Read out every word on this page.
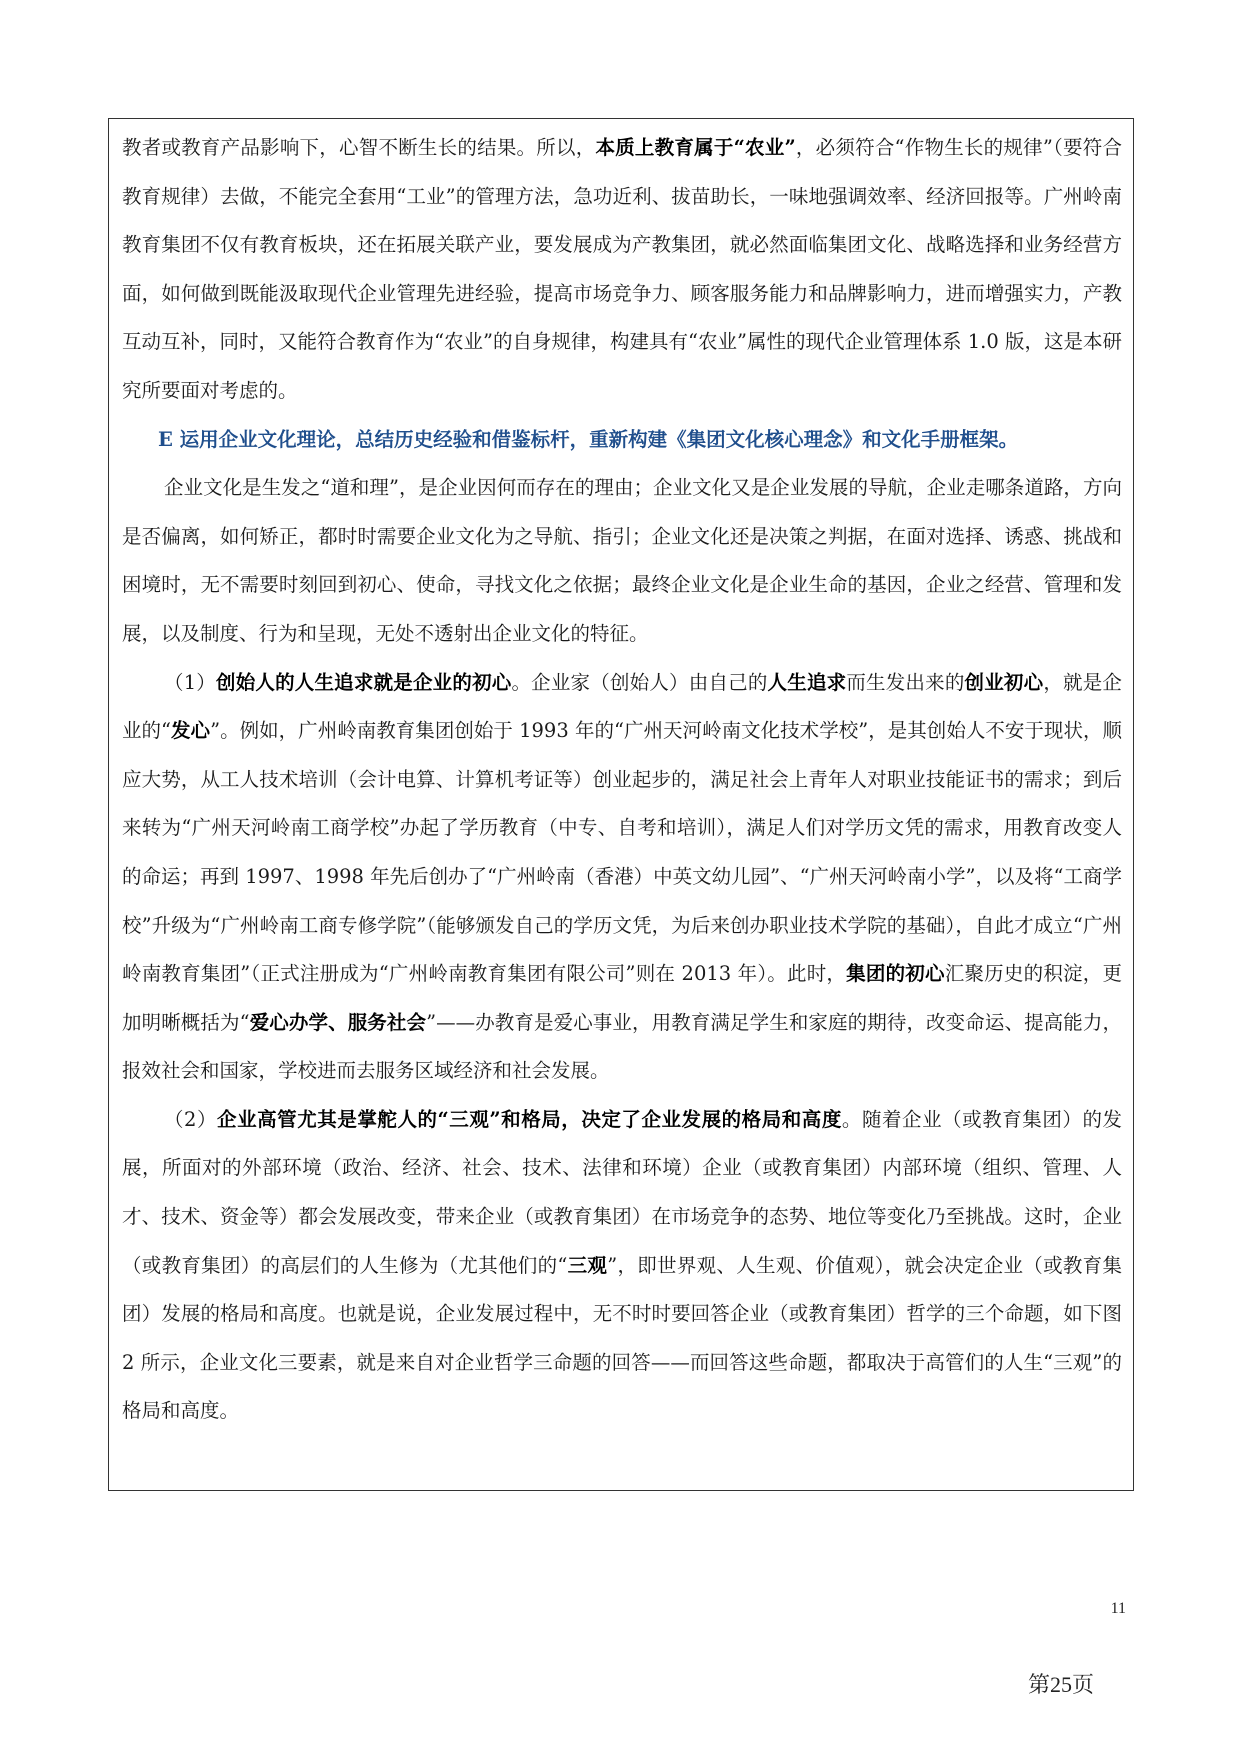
教者或教育产品影响下，心智不断生长的结果。所以，本质上教育属于“农业”，必须符合“作物生长的规律”（要符合教育规律）去做，不能完全套用“工业”的管理方法，急功近利、拔苗助长，一味地强调效率、经济回报等。广州岭南教育集团不仅有教育板块，还在拓展关联产业，要发展成为产教集团，就必然面临集团文化、战略选择和业务经营方面，如何做到既能汲取现代企业管理先进经验，提高市场竞争力、顾客服务能力和品牌影响力，进而增强实力，产教互动互补，同时，又能符合教育作为“农业”的自身规律，构建具有“农业”属性的现代企业管理体系 1.0 版，这是本研究所要面对考虑的。

E 运用企业文化理论，总结历史经验和借鉴标杆，重新构建《集团文化核心理念》和文化手册框架。

企业文化是生发之“道和理”，是企业因何而存在的理由；企业文化又是企业发展的导航，企业走哪条道路，方向是否偏离，如何矫正，都时时需要企业文化为之导航、指引；企业文化还是决策之判据，在面对选择、诱惑、挑战和困境时，无不需要时刻回到初心、使命，寻找文化之依据；最终企业文化是企业生命的基因，企业之经营、管理和发展，以及制度、行为和呈现，无处不透射出企业文化的特征。

（1）创始人的人生追求就是企业的初心。企业家（创始人）由自己的人生追求而生发出来的创业初心，就是企业的“发心”。例如，广州岭南教育集团创始于 1993 年的“广州天河岭南文化技术学校”，是其创始人不安于现状，顺应大势，从工人技术培训（会计电算、计算机考证等）创业起步的，满足社会上青年人对职业技能证书的需求；到后来转为“广州天河岭南工商学校”办起了学历教育（中专、自考和培训），满足人们对学历文凭的需求，用教育改变人的命运；再到 1997、1998 年先后创办了“广州岭南（香港）中英文幼儿园”、“广州天河岭南小学”，以及将“工商学校”升级为“广州岭南工商专修学院”（能够颁发自己的学历文凭，为后来创办职业技术学院的基础），自此才成立“广州岭南教育集团”（正式注册成为“广州岭南教育集团有限公司”则在 2013 年）。此时，集团的初心汇聚历史的积淀，更加明晰概括为“爱心办学、服务社会”——办教育是爱心事业，用教育满足学生和家庭的期待，改变命运、提高能力，报效社会和国家，学校进而去服务区域经济和社会发展。

（2）企业高管尤其是掌舵人的“三观”和格局，决定了企业发展的格局和高度。随着企业（或教育集团）的发展，所面对的外部环境（政治、经济、社会、技术、法律和环境）企业（或教育集团）内部环境（组织、管理、人才、技术、资金等）都会发展改变，带来企业（或教育集团）在市场竞争的态势、地位等变化乃至挑战。这时，企业（或教育集团）的高层们的人生修为（尤其他们的“三观”，即世界观、人生观、价值观），就会决定企业（或教育集团）发展的格局和高度。也就是说，企业发展过程中，无不时时要回答企业（或教育集团）哲学的三个命题，如下图 2 所示，企业文化三要素，就是来自对企业哲学三命题的回答——而回答这些命题，都取决于高管们的人生“三观”的格局和高度。

11
第25页
